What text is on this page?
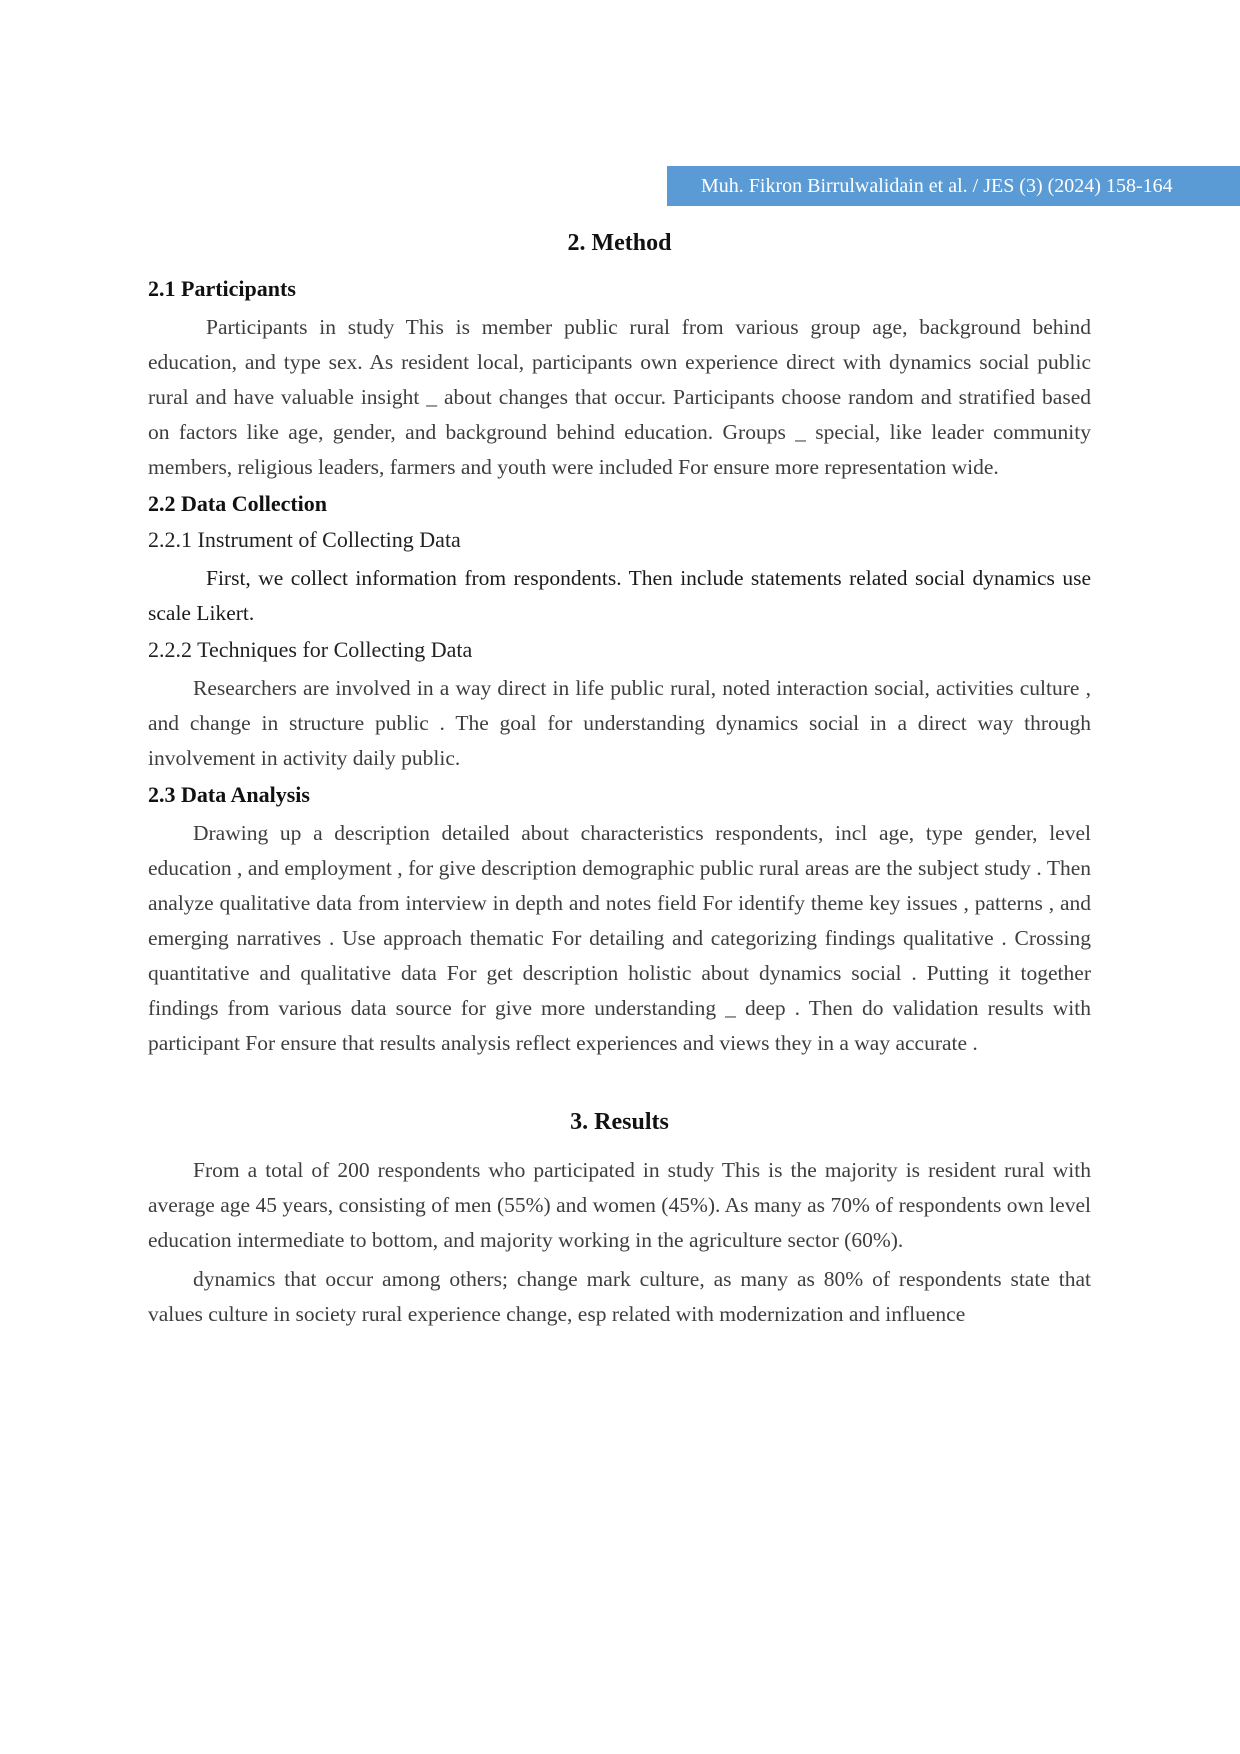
Muh. Fikron Birrulwalidain et al. / JES (3) (2024) 158-164
2. Method
2.1 Participants

Participants in study This is member public rural from various group age, background behind education, and type sex. As resident local, participants own experience direct with dynamics social public rural and have valuable insight _ about changes that occur. Participants choose random and stratified based on factors like age, gender, and background behind education. Groups _ special, like leader community members, religious leaders, farmers and youth were included For ensure more representation wide.

2.2 Data Collection
2.2.1 Instrument of Collecting Data

First, we collect information from respondents. Then include statements related social dynamics use scale Likert.

2.2.2 Techniques for Collecting Data

Researchers are involved in a way direct in life public rural, noted interaction social, activities culture , and change in structure public . The goal for understanding dynamics social in a direct way through involvement in activity daily public.

2.3 Data Analysis

Drawing up a description detailed about characteristics respondents, incl age, type gender, level education , and employment , for give description demographic public rural areas are the subject study . Then analyze qualitative data from interview in depth and notes field For identify theme key issues , patterns , and emerging narratives . Use approach thematic For detailing and categorizing findings qualitative . Crossing quantitative and qualitative data For get description holistic about dynamics social . Putting it together findings from various data source for give more understanding _ deep . Then do validation results with participant For ensure that results analysis reflect experiences and views they in a way accurate .

3. Results

From a total of 200 respondents who participated in study This is the majority is resident rural with average age 45 years, consisting of men (55%) and women (45%). As many as 70% of respondents own level education intermediate to bottom, and majority working in the agriculture sector (60%).

dynamics that occur among others; change mark culture, as many as 80% of respondents state that values culture in society rural experience change, esp related with modernization and influence
